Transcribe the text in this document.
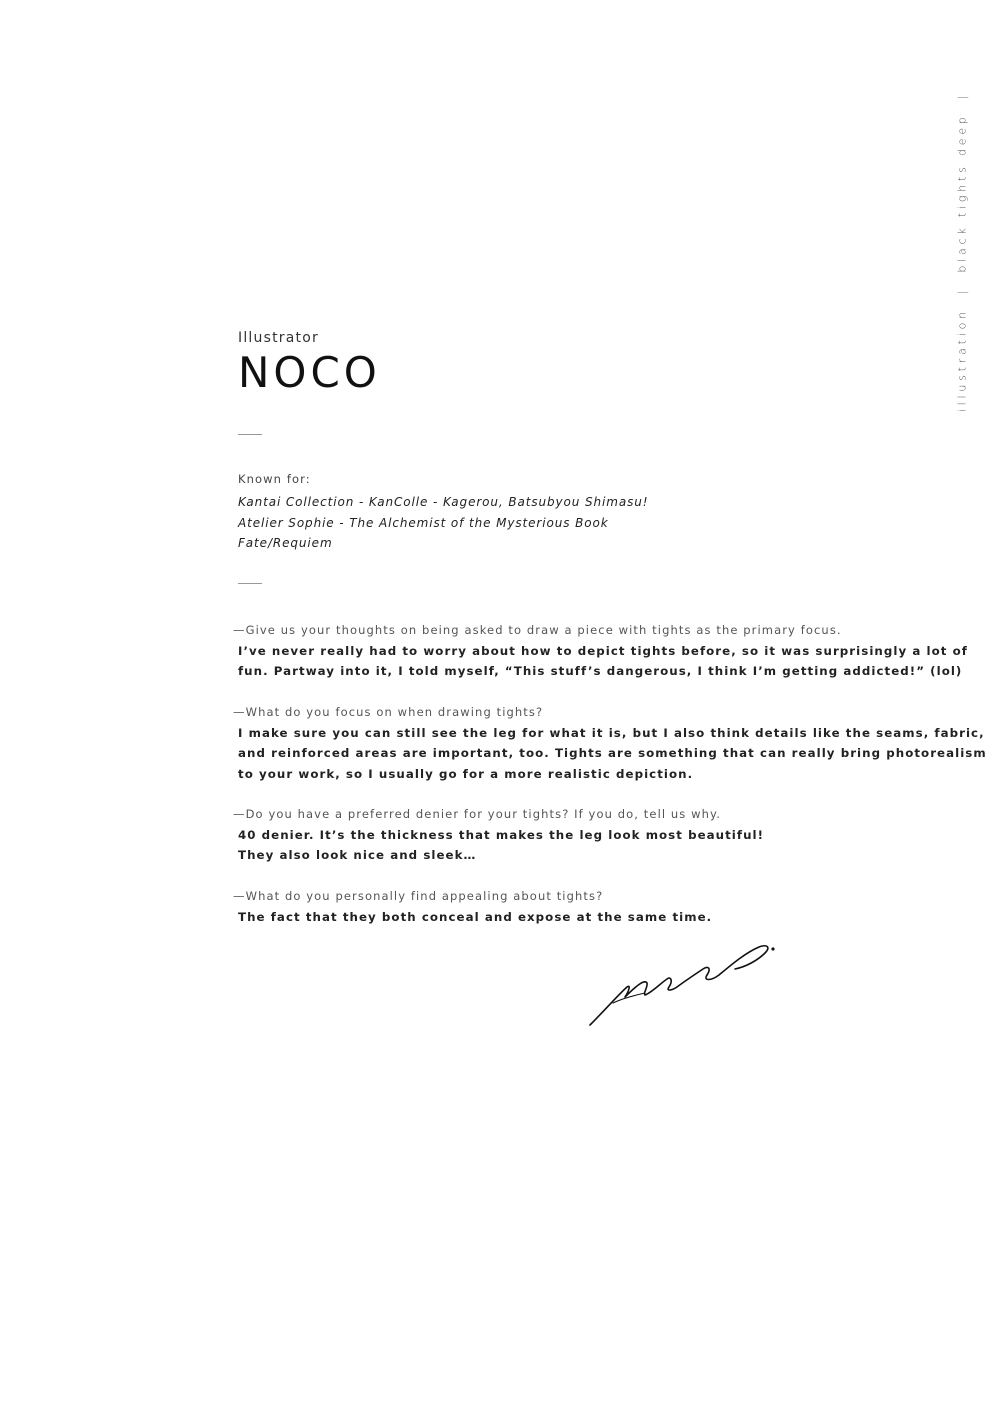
illustration|black tights deep|
Illustrator
NOCO
Known for:
Kantai Collection - KanColle - Kagerou, Batsubyou Shimasu!
Atelier Sophie - The Alchemist of the Mysterious Book
Fate/Requiem
—Give us your thoughts on being asked to draw a piece with tights as the primary focus.
I’ve never really had to worry about how to depict tights before, so it was surprisingly a lot of
fun. Partway into it, I told myself, “This stuff’s dangerous, I think I’m getting addicted!” (lol)
—What do you focus on when drawing tights?
I make sure you can still see the leg for what it is, but I also think details like the seams, fabric,
and reinforced areas are important, too. Tights are something that can really bring photorealism
to your work, so I usually go for a more realistic depiction.
—Do you have a preferred denier for your tights? If you do, tell us why.
40 denier. It’s the thickness that makes the leg look most beautiful!
They also look nice and sleek…
—What do you personally find appealing about tights?
The fact that they both conceal and expose at the same time.
